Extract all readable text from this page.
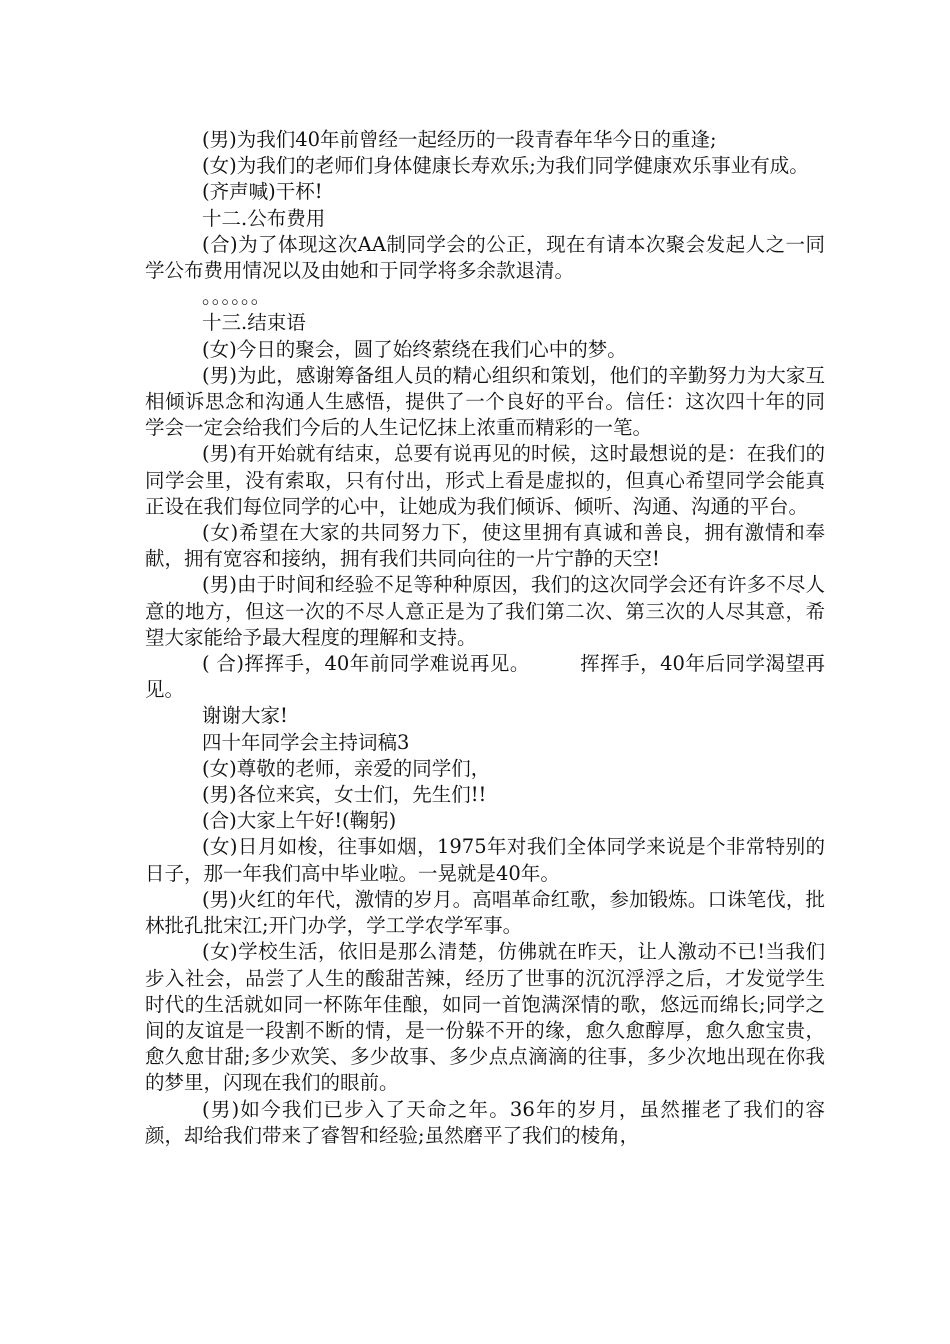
(男)为我们40年前曾经一起经历的一段青春年华今日的重逢;

(女)为我们的老师们身体健康长寿欢乐;为我们同学健康欢乐事业有成。

(齐声喊)干杯!

十二.公布费用

(合)为了体现这次AA制同学会的公正，现在有请本次聚会发起人之一同学公布费用情况以及由她和于同学将多余款退清。

。。。。。。

十三.结束语

(女)今日的聚会，圆了始终萦绕在我们心中的梦。

(男)为此，感谢筹备组人员的精心组织和策划，他们的辛勤努力为大家互相倾诉思念和沟通人生感悟，提供了一个良好的平台。信任：这次四十年的同学会一定会给我们今后的人生记忆抹上浓重而精彩的一笔。

(男)有开始就有结束，总要有说再见的时候，这时最想说的是：在我们的同学会里，没有索取，只有付出，形式上看是虚拟的，但真心希望同学会能真正设在我们每位同学的心中，让她成为我们倾诉、倾听、沟通、沟通的平台。

(女)希望在大家的共同努力下，使这里拥有真诚和善良，拥有激情和奉献，拥有宽容和接纳，拥有我们共同向往的一片宁静的天空!

(男)由于时间和经验不足等种种原因，我们的这次同学会还有许多不尽人意的地方，但这一次的不尽人意正是为了我们第二次、第三次的人尽其意，希望大家能给予最大程度的理解和支持。

( 合)挥挥手，40年前同学难说再见。　　　挥挥手，40年后同学渴望再见。

谢谢大家!

四十年同学会主持词稿3

(女)尊敬的老师，亲爱的同学们，

(男)各位来宾，女士们，先生们!!

(合)大家上午好!(鞠躬)

(女)日月如梭，往事如烟，1975年对我们全体同学来说是个非常特别的日子，那一年我们高中毕业啦。一晃就是40年。

(男)火红的年代，激情的岁月。高唱革命红歌，参加锻炼。口诛笔伐，批林批孔批宋江;开门办学，学工学农学军事。

(女)学校生活，依旧是那么清楚，仿佛就在昨天，让人激动不已!当我们步入社会，品尝了人生的酸甜苦辣，经历了世事的沉沉浮浮之后，才发觉学生时代的生活就如同一杯陈年佳酿，如同一首饱满深情的歌，悠远而绵长;同学之间的友谊是一段割不断的情，是一份躲不开的缘，愈久愈醇厚，愈久愈宝贵，愈久愈甘甜;多少欢笑、多少故事、多少点点滴滴的往事，多少次地出现在你我的梦里，闪现在我们的眼前。

(男)如今我们已步入了天命之年。36年的岁月，虽然摧老了我们的容颜，却给我们带来了睿智和经验;虽然磨平了我们的棱角，
